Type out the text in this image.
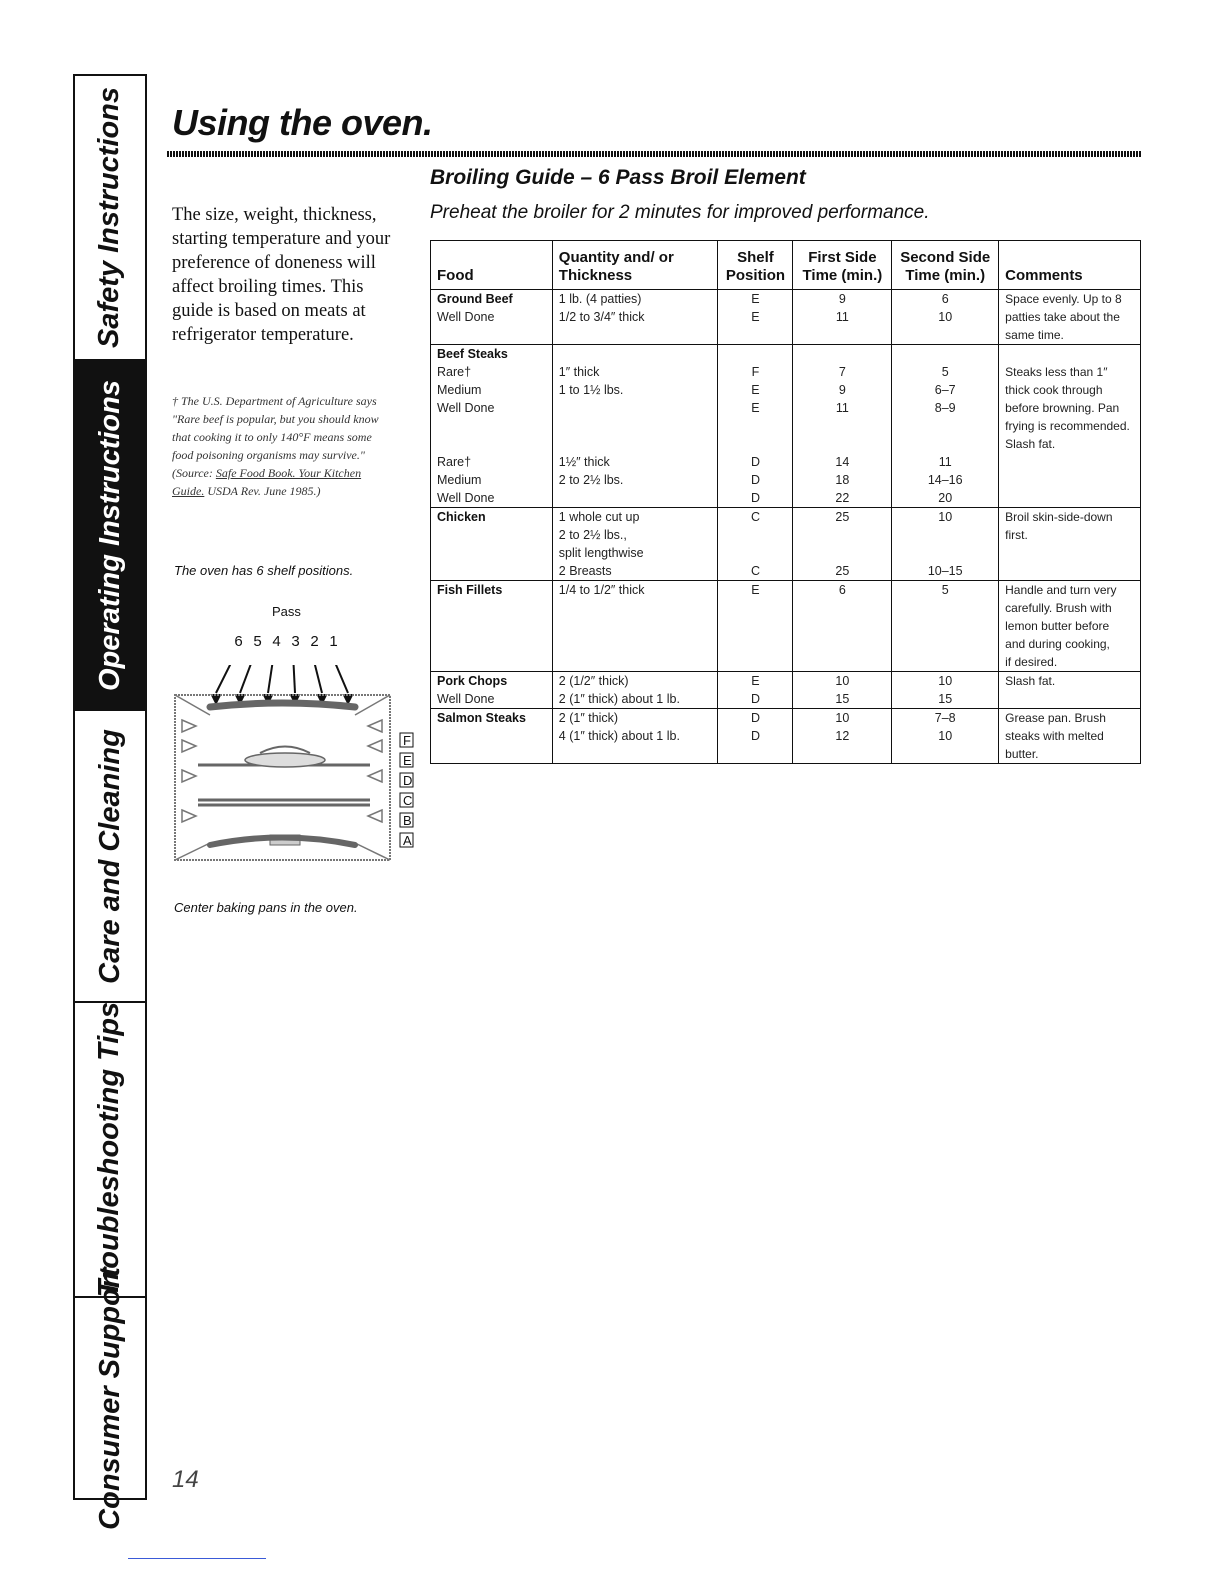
Safety Instructions
Operating Instructions
Care and Cleaning
Troubleshooting Tips
Consumer Support
Using the oven.
The size, weight, thickness, starting temperature and your preference of doneness will affect broiling times. This guide is based on meats at refrigerator temperature.
† The U.S. Department of Agriculture says "Rare beef is popular, but you should know that cooking it to only 140°F means some food poisoning organisms may survive." (Source: Safe Food Book. Your Kitchen Guide. USDA Rev. June 1985.)
The oven has 6 shelf positions.
Pass
6 5 4 3 2 1
F
E
D
C
B
A
Center baking pans in the oven.
Broiling Guide – 6 Pass Broil Element
Preheat the broiler for 2 minutes for improved performance.
Food	Quantity and/ or Thickness	Shelf Position	First Side Time (min.)	Second Side Time (min.)	Comments
Ground Beef	1 lb. (4 patties)	E	9	6	Space evenly. Up to 8
Well Done	1/2 to 3/4″ thick	E	11	10	patties take about the
					same time.
Beef Steaks					
Rare†	1″ thick	F	7	5	Steaks less than 1″
Medium	1 to 1½ lbs.	E	9	6–7	thick cook through
Well Done		E	11	8–9	before browning. Pan
					frying is recommended.
					Slash fat.
Rare†	1½″ thick	D	14	11	
Medium	2 to 2½ lbs.	D	18	14–16	
Well Done		D	22	20	
Chicken	1 whole cut up	C	25	10	Broil skin-side-down
	2 to 2½ lbs.,				first.
	split lengthwise				
	2 Breasts	C	25	10–15	
Fish Fillets	1/4 to 1/2″ thick	E	6	5	Handle and turn very
					carefully. Brush with
					lemon butter before
					and during cooking,
					if desired.
Pork Chops	2 (1/2″ thick)	E	10	10	Slash fat.
Well Done	2 (1″ thick) about 1 lb.	D	15	15	
Salmon Steaks	2 (1″ thick)	D	10	7–8	Grease pan. Brush
	4 (1″ thick) about 1 lb.	D	12	10	steaks with melted
					butter.
14
